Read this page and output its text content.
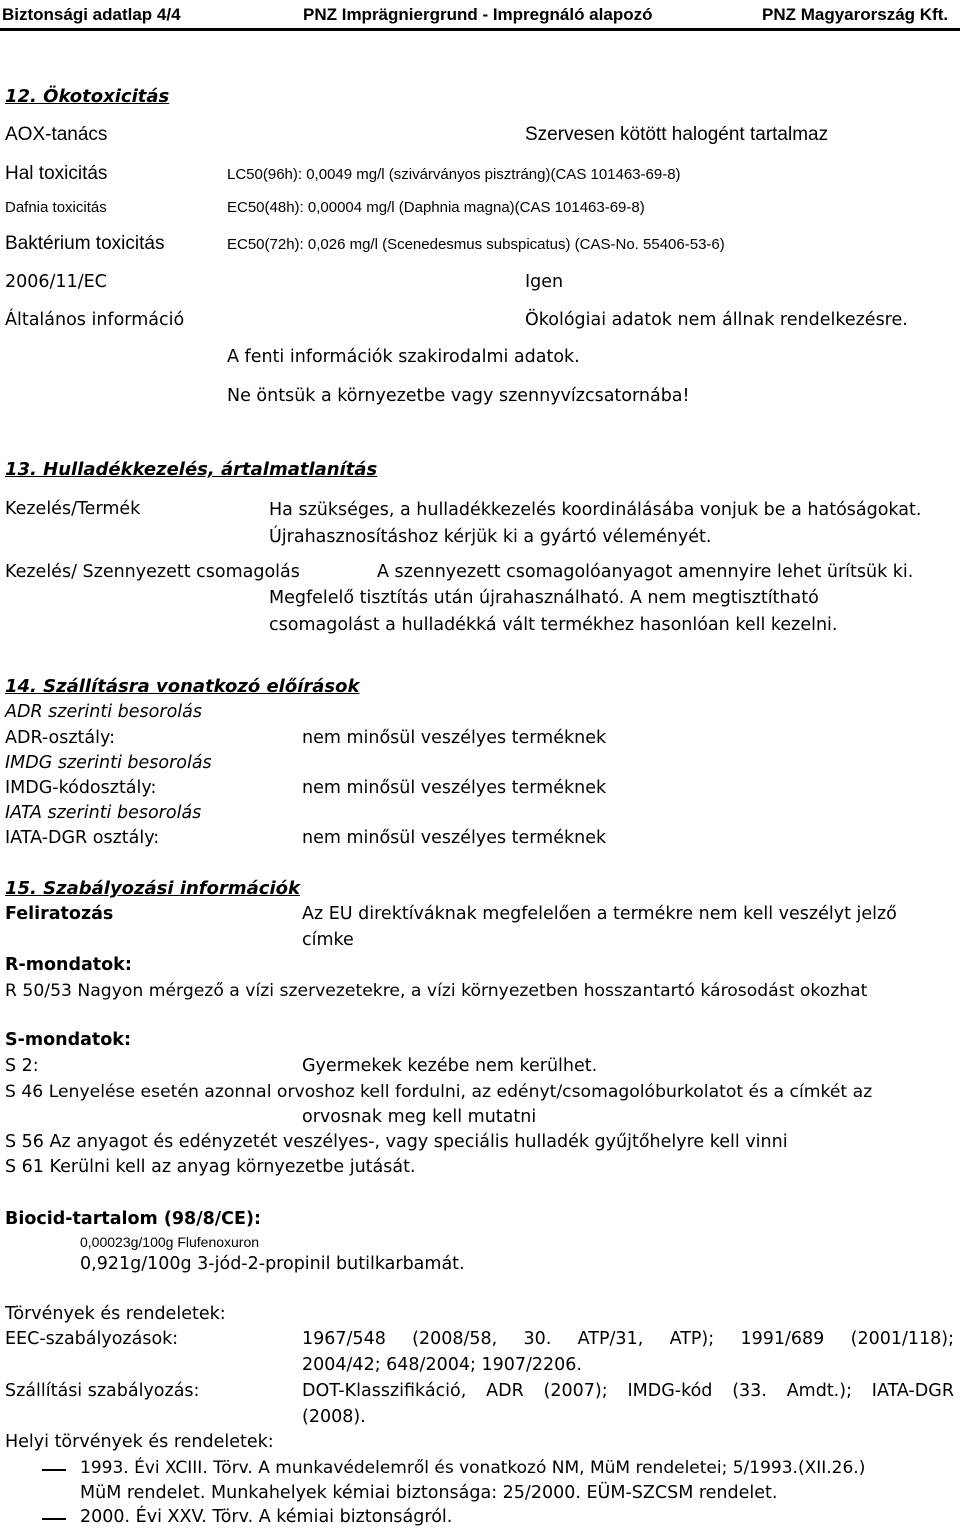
Biztonsági adatlap 4/4	PNZ Imprägniergrund - Impregnáló alapozó	PNZ Magyarország Kft.
12. Ökotoxicitás
AOX-tanács	Szervesen kötött halogént tartalmaz
Hal toxicitás	LC50(96h): 0,0049 mg/l (szivárványos pisztráng)(CAS 101463-69-8)
Dafnia toxicitás	EC50(48h): 0,00004 mg/l (Daphnia magna)(CAS 101463-69-8)
Baktérium toxicitás	EC50(72h): 0,026 mg/l (Scenedesmus subspicatus) (CAS-No. 55406-53-6)
2006/11/EC	Igen
Általános információ	Ökológiai adatok nem állnak rendelkezésre.
A fenti információk szakirodalmi adatok.
Ne öntsük a környezetbe vagy szennyvízcsatornába!
13. Hulladékkezelés, ártalmatlanítás
Kezelés/Termék	Ha szükséges, a hulladékkezelés koordinálásába vonjuk be a hatóságokat.
Újrahasznosításhoz kérjük ki a gyártó véleményét.
Kezelés/ Szennyezett csomagolás	A szennyezett csomagolóanyagot amennyire lehet ürítsük ki.
Megfelelő tisztítás után újrahasználható. A nem megtisztítható
csomagolást a hulladékká vált termékhez hasonlóan kell kezelni.
14. Szállításra vonatkozó előírások
ADR szerinti besorolás
ADR-osztály:	nem minősül veszélyes terméknek
IMDG szerinti besorolás
IMDG-kódosztály:	nem minősül veszélyes terméknek
IATA szerinti besorolás
IATA-DGR osztály:	nem minősül veszélyes terméknek
15. Szabályozási információk
Feliratozás	Az EU direktíváknak megfelelően a termékre nem kell veszélyt jelző
címke
R-mondatok:
R 50/53 Nagyon mérgező a vízi szervezetekre, a vízi környezetben hosszantartó károsodást okozhat
S-mondatok:
S 2:	Gyermekek kezébe nem kerülhet.
S 46 Lenyelése esetén azonnal orvoshoz kell fordulni, az edényt/csomagolóburkolatot és a címkét az
orvosnak meg kell mutatni
S 56 Az anyagot és edényzetét veszélyes-, vagy speciális hulladék gyűjtőhelyre kell vinni
S 61 Kerülni kell az anyag környezetbe jutását.
Biocid-tartalom (98/8/CE):
0,00023g/100g Flufenoxuron
0,921g/100g 3-jód-2-propinil butilkarbamát.
Törvények és rendeletek:
EEC-szabályozások:	1967/548 (2008/58, 30. ATP/31, ATP); 1991/689 (2001/118);
2004/42; 648/2004; 1907/2206.
Szállítási szabályozás:	DOT-Klasszifikáció, ADR (2007); IMDG-kód (33. Amdt.); IATA-DGR
(2008).
Helyi törvények és rendeletek:
1993. Évi XCIII. Törv. A munkavédelemről és vonatkozó NM, MüM rendeletei; 5/1993.(XII.26.)
MüM rendelet. Munkahelyek kémiai biztonsága: 25/2000. EÜM-SZCSM rendelet.
2000. Évi XXV. Törv. A kémiai biztonságról.
